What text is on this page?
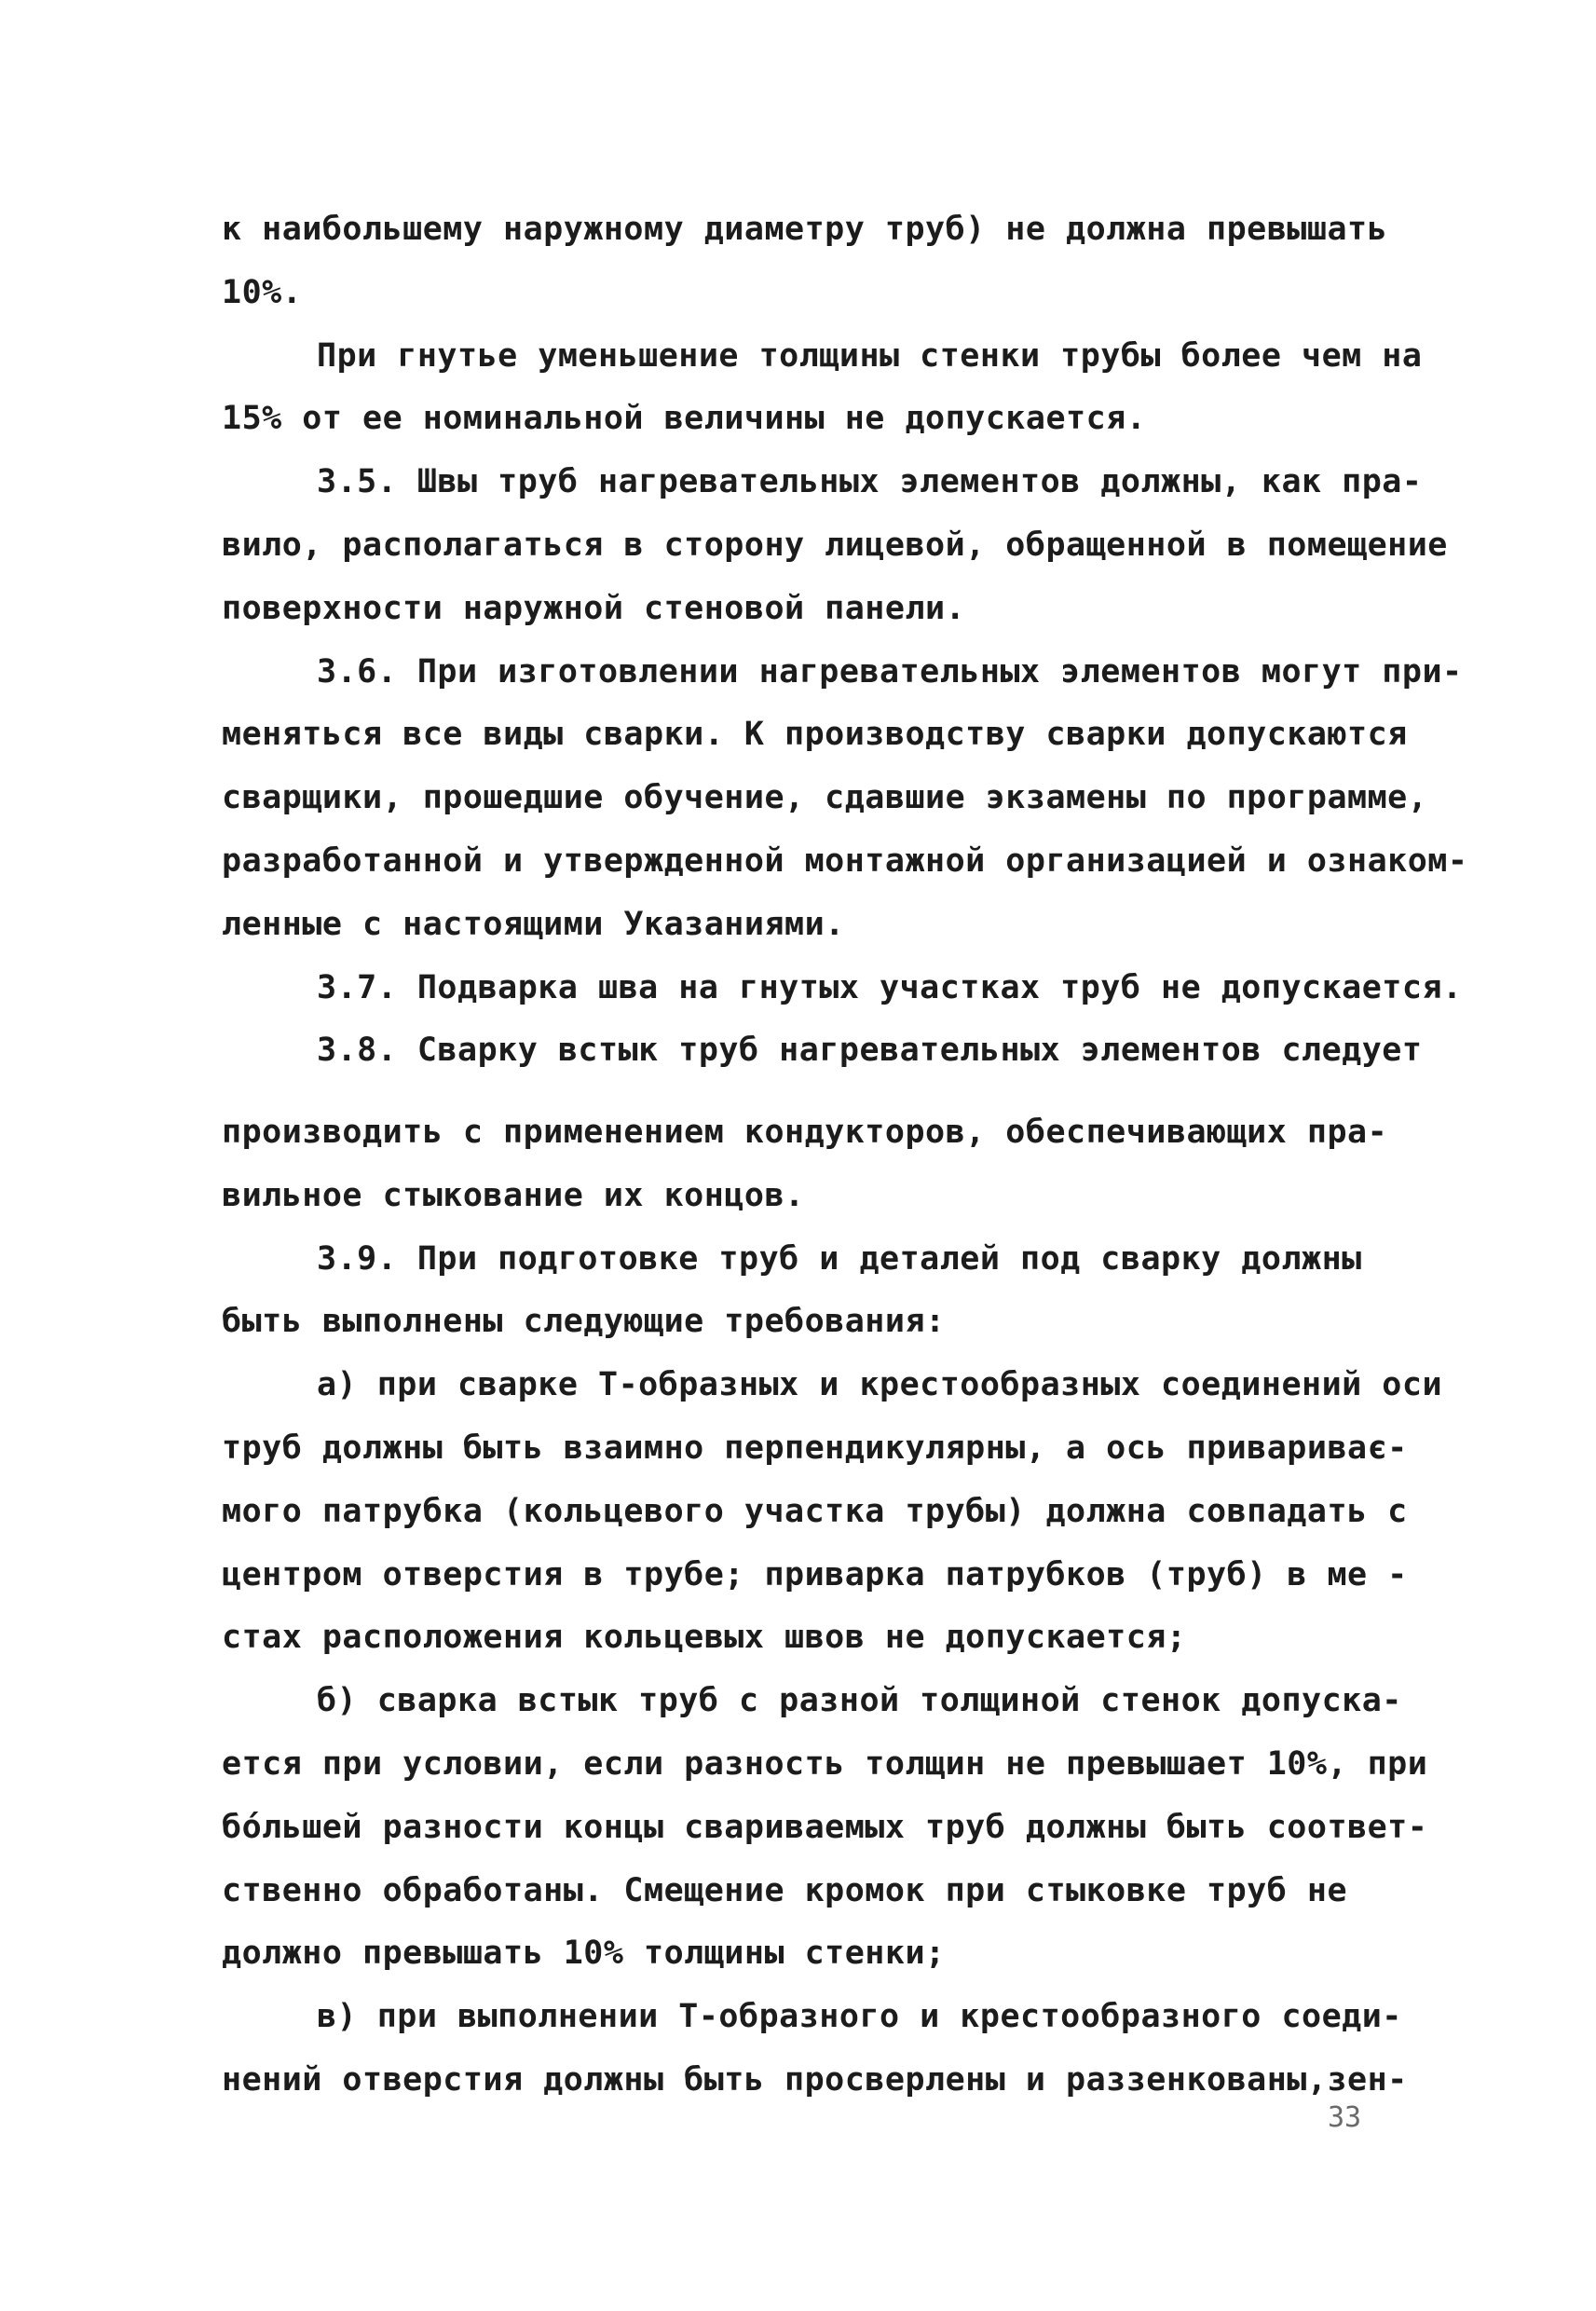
к наибольшему наружному диаметру труб) не должна превышать
10%.
При гнутье уменьшение толщины стенки трубы более чем на
15% от ее номинальной величины не допускается.
3.5. Швы труб нагревательных элементов должны, как пра-
вило, располагаться в сторону лицевой, обращенной в помещение
поверхности наружной стеновой панели.
3.6. При изготовлении нагревательных элементов могут при-
меняться все виды сварки. К производству сварки допускаются
сварщики, прошедшие обучение, сдавшие экзамены по программе,
разработанной и утвержденной монтажной организацией и ознаком-
ленные с настоящими Указаниями.
3.7. Подварка шва на гнутых участках труб не допускается.
3.8. Сварку встык труб нагревательных элементов следует
производить с применением кондукторов, обеспечивающих пра-
вильное стыкование их концов.
3.9. При подготовке труб и деталей под сварку должны
быть выполнены следующие требования:
а) при сварке Т-образных и крестообразных соединений оси
труб должны быть взаимно перпендикулярны, а ось привариває-
мого патрубка (кольцевого участка трубы) должна совпадать с
центром отверстия в трубе; приварка патрубков (труб) в ме -
стах расположения кольцевых швов не допускается;
б) сварка встык труб с разной толщиной стенок допуска-
ется при условии, если разность толщин не превышает 10%, при
бо́льшей разности концы свариваемых труб должны быть соответ-
ственно обработаны. Смещение кромок при стыковке труб не
должно превышать 10% толщины стенки;
в) при выполнении Т-образного и крестообразного соеди-
нений отверстия должны быть просверлены и раззенкованы,зен-
33
